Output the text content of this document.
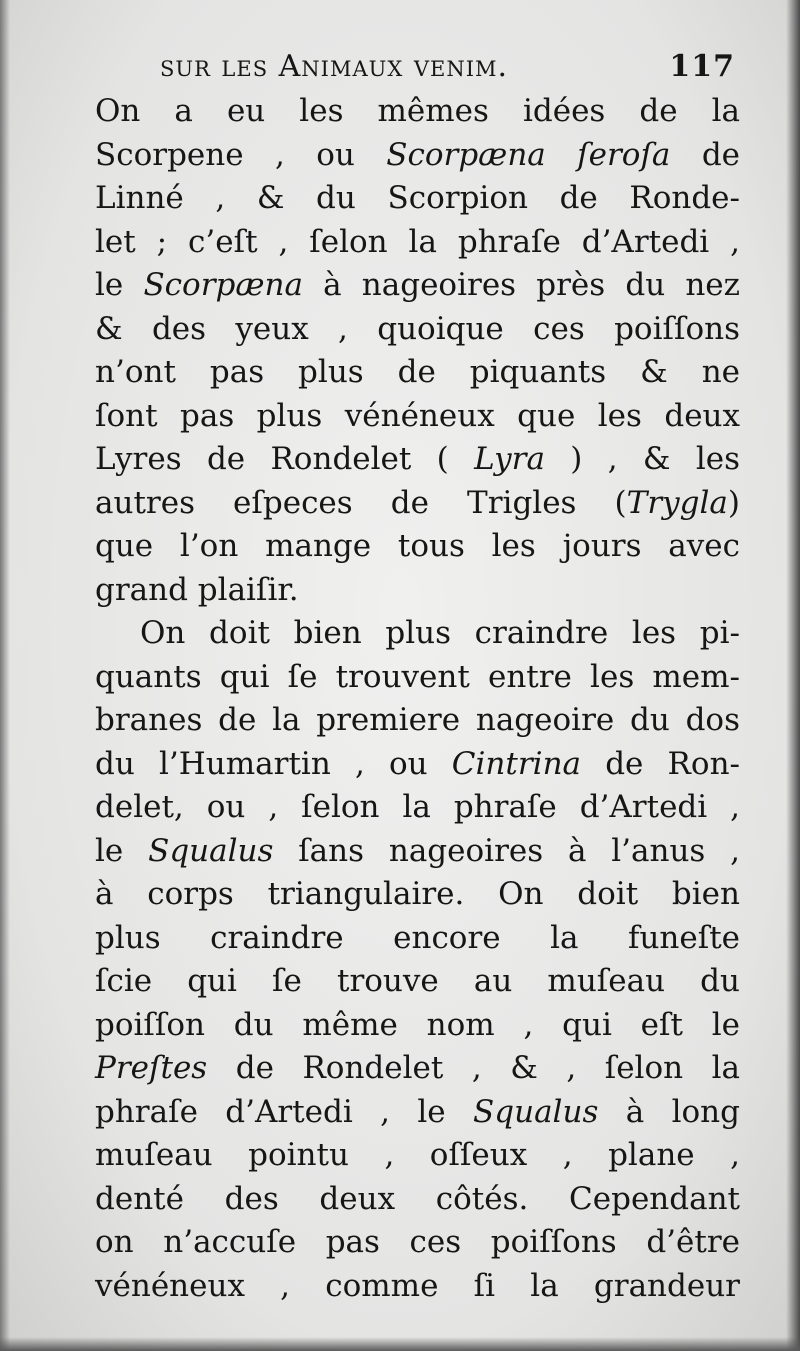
sur les Animaux venim.	117
On a eu les mêmes idées de la
Scorpene , ou Scorpæna ſeroſa de
Linné , & du Scorpion de Ronde-
let ; c’eſt , ſelon la phraſe d’Artedi ,
le Scorpæna à nageoires près du nez
& des yeux , quoique ces poiſſons
n’ont pas plus de piquants & ne
ſont pas plus vénéneux que les deux
Lyres de Rondelet ( Lyra ) , & les
autres eſpeces de Trigles (Trygla)
que l’on mange tous les jours avec
grand plaiſir.
On doit bien plus craindre les pi-
quants qui ſe trouvent entre les mem-
branes de la premiere nageoire du dos
du l’Humartin , ou Cintrina de Ron-
delet, ou , ſelon la phraſe d’Artedi ,
le Squalus ſans nageoires à l’anus ,
à corps triangulaire. On doit bien
plus craindre encore la funeſte
ſcie qui ſe trouve au muſeau du
poiſſon du même nom , qui eſt le
Preſtes de Rondelet , & , ſelon la
phraſe d’Artedi , le Squalus à long
muſeau pointu , oſſeux , plane ,
denté des deux côtés. Cependant
on n’accuſe pas ces poiſſons d’être
vénéneux , comme ſi la grandeur
